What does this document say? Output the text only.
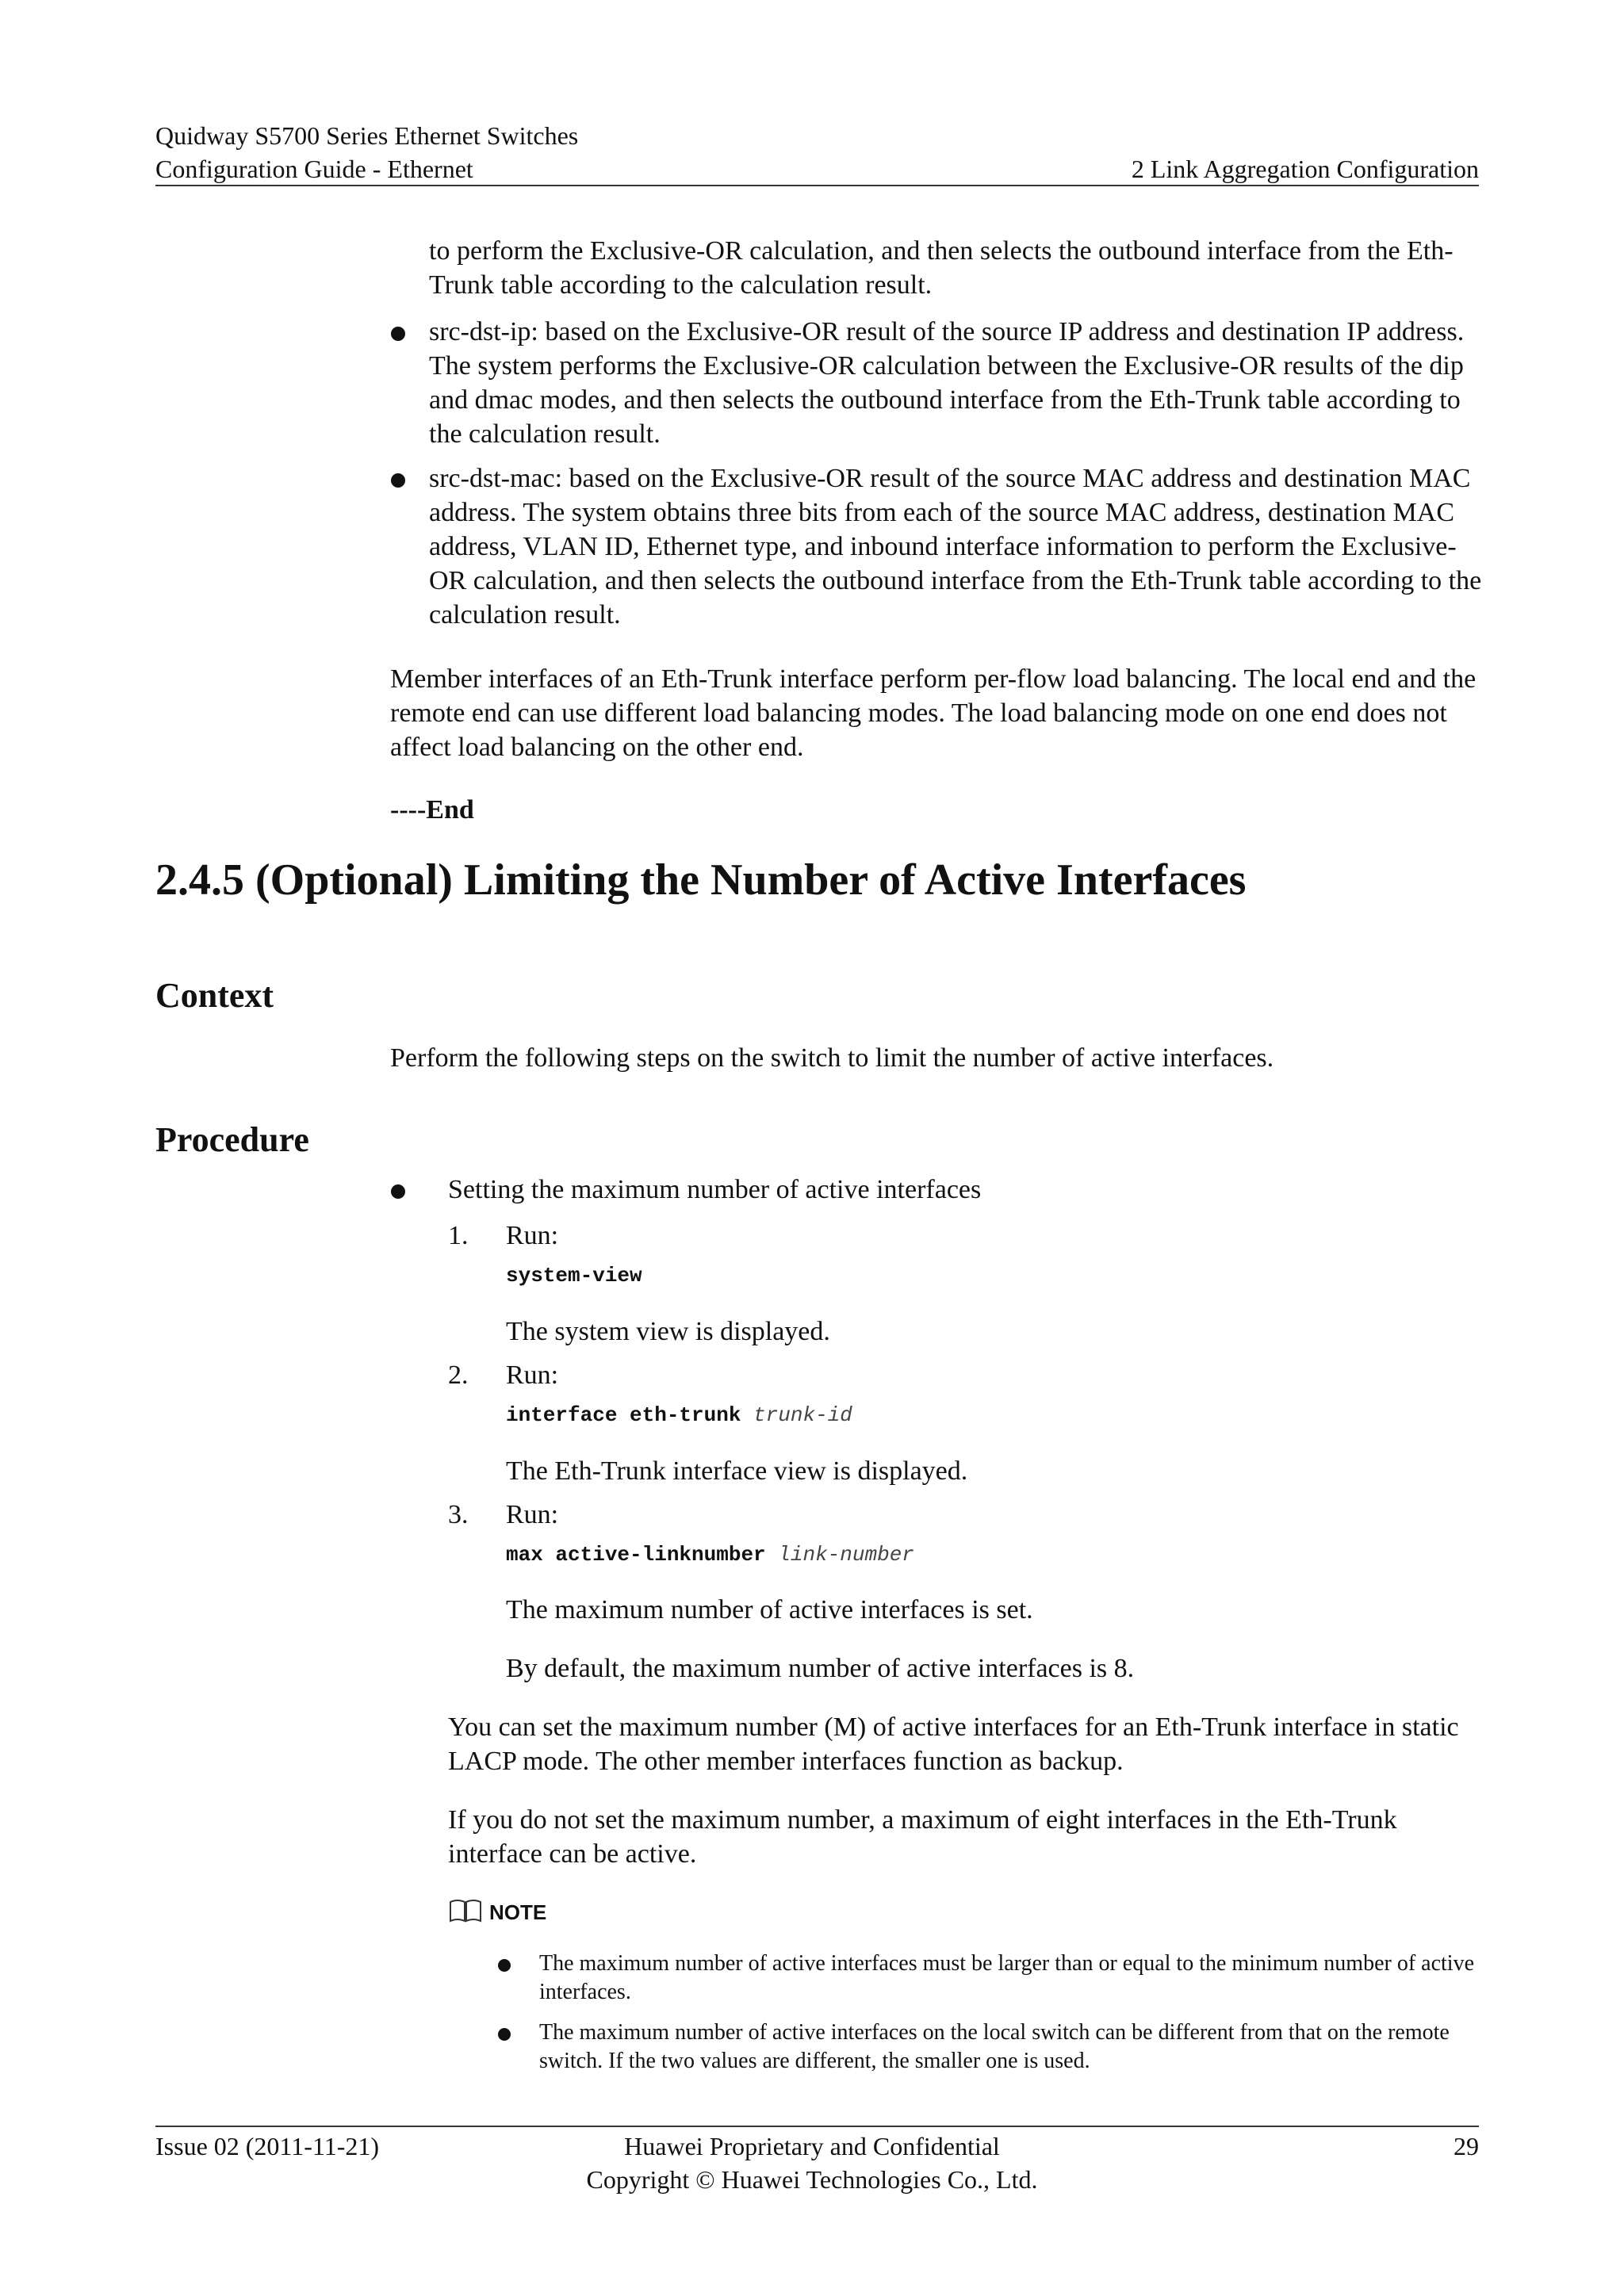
Quidway S5700 Series Ethernet Switches
Configuration Guide - Ethernet	2 Link Aggregation Configuration
to perform the Exclusive-OR calculation, and then selects the outbound interface from the Eth-Trunk table according to the calculation result.
src-dst-ip: based on the Exclusive-OR result of the source IP address and destination IP address. The system performs the Exclusive-OR calculation between the Exclusive-OR results of the dip and dmac modes, and then selects the outbound interface from the Eth-Trunk table according to the calculation result.
src-dst-mac: based on the Exclusive-OR result of the source MAC address and destination MAC address. The system obtains three bits from each of the source MAC address, destination MAC address, VLAN ID, Ethernet type, and inbound interface information to perform the Exclusive-OR calculation, and then selects the outbound interface from the Eth-Trunk table according to the calculation result.
Member interfaces of an Eth-Trunk interface perform per-flow load balancing. The local end and the remote end can use different load balancing modes. The load balancing mode on one end does not affect load balancing on the other end.
----End
2.4.5 (Optional) Limiting the Number of Active Interfaces
Context
Perform the following steps on the switch to limit the number of active interfaces.
Procedure
Setting the maximum number of active interfaces
1. Run:
system-view
The system view is displayed.
2. Run:
interface eth-trunk trunk-id
The Eth-Trunk interface view is displayed.
3. Run:
max active-linknumber link-number
The maximum number of active interfaces is set.
By default, the maximum number of active interfaces is 8.
You can set the maximum number (M) of active interfaces for an Eth-Trunk interface in static LACP mode. The other member interfaces function as backup.
If you do not set the maximum number, a maximum of eight interfaces in the Eth-Trunk interface can be active.
NOTE
The maximum number of active interfaces must be larger than or equal to the minimum number of active interfaces.
The maximum number of active interfaces on the local switch can be different from that on the remote switch. If the two values are different, the smaller one is used.
Issue 02 (2011-11-21)	Huawei Proprietary and Confidential
Copyright © Huawei Technologies Co., Ltd.
29
